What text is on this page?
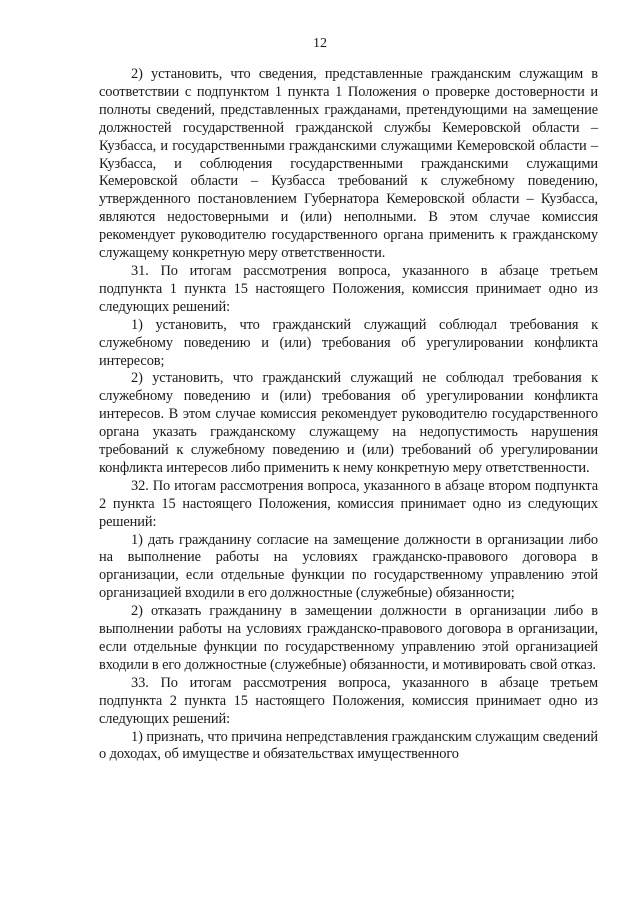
12

2) установить, что сведения, представленные гражданским служащим в соответствии с подпунктом 1 пункта 1 Положения о проверке достоверности и полноты сведений, представленных гражданами, претендующими на замещение должностей государственной гражданской службы Кемеровской области – Кузбасса, и государственными гражданскими служащими Кемеровской области – Кузбасса, и соблюдения государственными гражданскими служащими Кемеровской области – Кузбасса требований к служебному поведению, утвержденного постановлением Губернатора Кемеровской области – Кузбасса, являются недостоверными и (или) неполными. В этом случае комиссия рекомендует руководителю государственного органа применить к гражданскому служащему конкретную меру ответственности.

31. По итогам рассмотрения вопроса, указанного в абзаце третьем подпункта 1 пункта 15 настоящего Положения, комиссия принимает одно из следующих решений:

1) установить, что гражданский служащий соблюдал требования к служебному поведению и (или) требования об урегулировании конфликта интересов;

2) установить, что гражданский служащий не соблюдал требования к служебному поведению и (или) требования об урегулировании конфликта интересов. В этом случае комиссия рекомендует руководителю государственного органа указать гражданскому служащему на недопустимость нарушения требований к служебному поведению и (или) требований об урегулировании конфликта интересов либо применить к нему конкретную меру ответственности.

32. По итогам рассмотрения вопроса, указанного в абзаце втором подпункта 2 пункта 15 настоящего Положения, комиссия принимает одно из следующих решений:

1) дать гражданину согласие на замещение должности в организации либо на выполнение работы на условиях гражданско-правового договора в организации, если отдельные функции по государственному управлению этой организацией входили в его должностные (служебные) обязанности;

2) отказать гражданину в замещении должности в организации либо в выполнении работы на условиях гражданско-правового договора в организации, если отдельные функции по государственному управлению этой организацией входили в его должностные (служебные) обязанности, и мотивировать свой отказ.

33. По итогам рассмотрения вопроса, указанного в абзаце третьем подпункта 2 пункта 15 настоящего Положения, комиссия принимает одно из следующих решений:

1) признать, что причина непредставления гражданским служащим сведений о доходах, об имуществе и обязательствах имущественного
